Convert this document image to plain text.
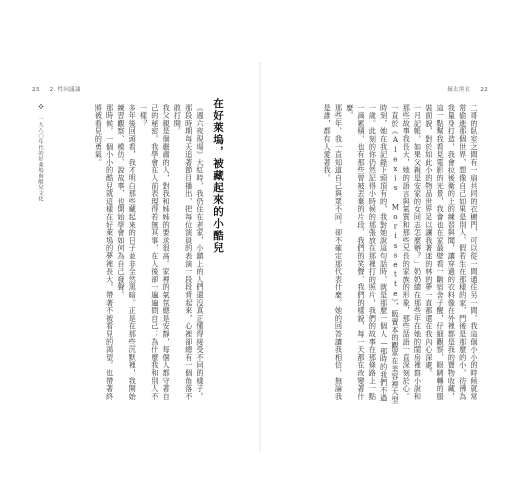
23 2. 性向議論	摘去黑衣 22
❖ 一九八〇年代的好萊塢與酷兒文化	《週六夜現場》大紅時，我仍住在老家，小鎮上的人們還沒真正懂得接受不同的樣子。那段時期每天追著節目播出，把每位演員的表演一段段背起來，心裡卻總有一個角落不敢打開。
我父親是個嚴肅的人，對我和姊姊的要求很高。家裡的氣氛總是安靜，每個人都守著自己的秘密。我學會在人前表現得若無其事，在人後卻一遍遍問自己：為什麼我和別人不一樣？
多年後回頭看，我才明白那些藏起來的日子並非全然黑暗。正是在那些沉默裡，我開始練習觀察、模仿、說故事，也開始學會如何為自己發聲。
那時候，一個小小的酷兒就這樣在好萊塢的夢裡長大，帶著不被看見的渴望，也帶著終將被看見的勇氣。	在好萊塢，被藏起來的小酷兒	二哥的臥室之間有一扇共同的衣櫥門，可以從一間通往另一間。我這個小小的時候就常常偷進那個世界，想像自己如果是別人、假若生在那樣的家，門後是那麼的小，彷彿為我量身打造，我會拉後衛的上的練習與聞，讓穿過的衣料像在外裡都是我的寶物收藏，這一點幫我看見電影的光景，我會也在家最壁看一齣宿舍子醒，仔細觀察、眼睛轉的服裝面貌，對於如此小的物品世界足以讓我著迷的林的夢一直都還在我內心深處。
一月記帳，如果父親是安家的女同志怎麼辦？」奶奶總在那些年在她的閨房裡寫小說和那些故事我長大，她的語言與氣質和那些兄長的家族的形象，那些話語一直深刻於心。一直於《Alexis Morissette》，販賣本的觀眾在美容裡大型時刻，她在我記錄下頭頂有的，我對她說這句話時，就是那麼一個人—那時的我們不過一歲。此刻的你仍然記得小時候的那張放在那裡打的照片，我們的故事在那條路上一點一滴累積，也有那些曾被丟棄的片段、我們的笑聲、我們的樣貌，每一天都在改變著什麼。
那些年，我一直知道自己與眾不同，卻不確定那代表什麼。她的回答讓我相信，無論我是誰，都有人愛著我。
